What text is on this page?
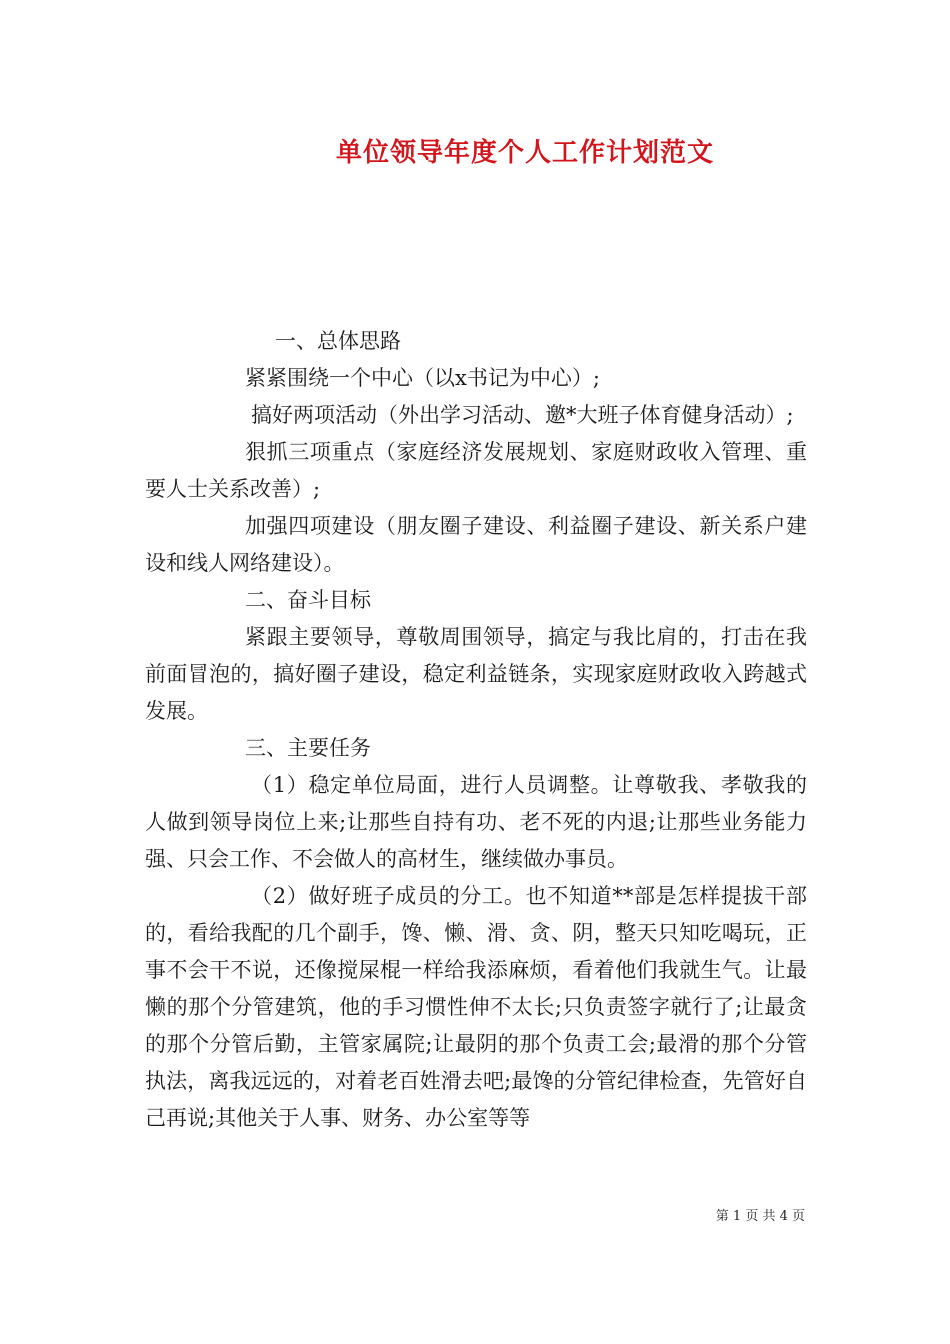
单位领导年度个人工作计划范文

一、总体思路

紧紧围绕一个中心（以x书记为中心）;

搞好两项活动（外出学习活动、邀*大班子体育健身活动）;

狠抓三项重点（家庭经济发展规划、家庭财政收入管理、重要人士关系改善）;

加强四项建设（朋友圈子建设、利益圈子建设、新关系户建设和线人网络建设）。

二、奋斗目标

紧跟主要领导，尊敬周围领导，搞定与我比肩的，打击在我前面冒泡的，搞好圈子建设，稳定利益链条，实现家庭财政收入跨越式发展。

三、主要任务

（1）稳定单位局面，进行人员调整。让尊敬我、孝敬我的人做到领导岗位上来;让那些自持有功、老不死的内退;让那些业务能力强、只会工作、不会做人的高材生，继续做办事员。

（2）做好班子成员的分工。也不知道**部是怎样提拔干部的，看给我配的几个副手，馋、懒、滑、贪、阴，整天只知吃喝玩，正事不会干不说，还像搅屎棍一样给我添麻烦，看着他们我就生气。让最懒的那个分管建筑，他的手习惯性伸不太长;只负责签字就行了;让最贪的那个分管后勤，主管家属院;让最阴的那个负责工会;最滑的那个分管执法，离我远远的，对着老百姓滑去吧;最馋的分管纪律检查，先管好自己再说;其他关于人事、财务、办公室等等

第 1 页 共 4 页
